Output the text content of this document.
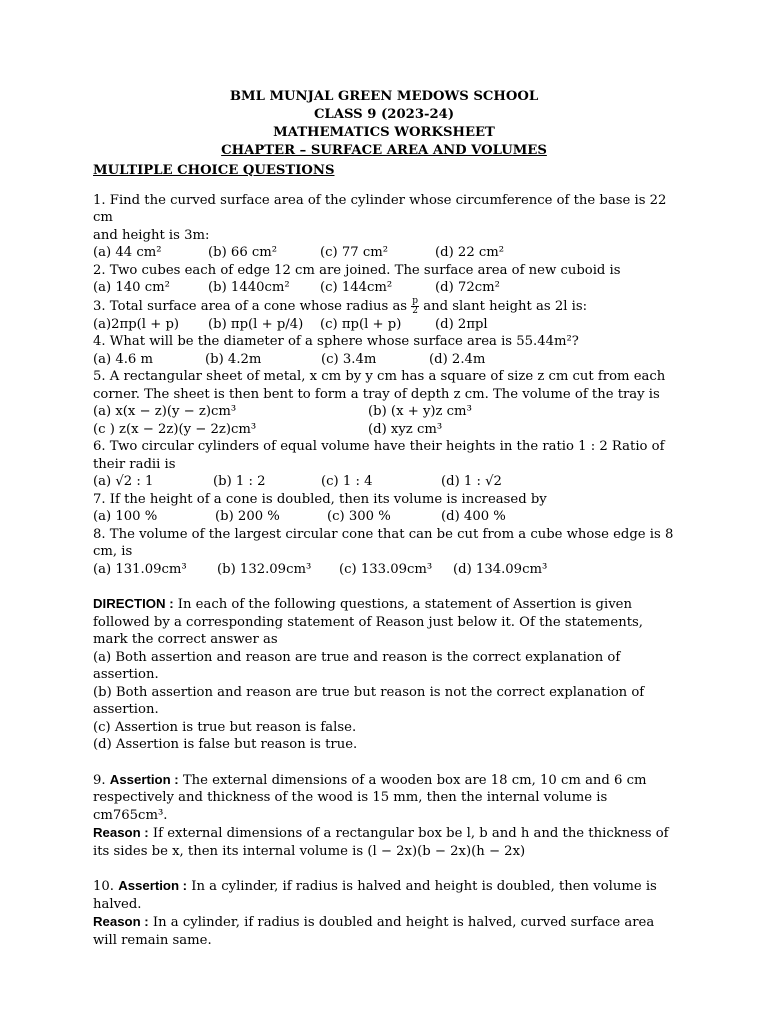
BML MUNJAL GREEN MEDOWS SCHOOL
CLASS 9 (2023-24)
MATHEMATICS WORKSHEET
CHAPTER – SURFACE AREA AND VOLUMES
MULTIPLE CHOICE QUESTIONS
1. Find the curved surface area of the cylinder whose circumference of the base is 22 cm
and height is 3m:
(a) 44 cm²	(b) 66 cm²	(c) 77 cm²	(d) 22 cm²
2. Two cubes each of edge 12 cm are joined. The surface area of new cuboid is
(a) 140 cm²	(b) 1440cm²	(c) 144cm²	(d) 72cm²
3. Total surface area of a cone whose radius as $\frac{p}{2}$ and slant height as 2l is:
(a)2πp(l + p)	(b) πp(l + p/4)	(c) πp(l + p)	(d) 2πpl
4. What will be the diameter of a sphere whose surface area is 55.44m²?
(a) 4.6 m	(b) 4.2m	(c) 3.4m	(d) 2.4m
5. A rectangular sheet of metal, x cm by y cm has a square of size z cm cut from each
corner. The sheet is then bent to form a tray of depth z cm. The volume of the tray is
(a) x(x − z)(y − z)cm³	(b) (x + y)z cm³
(c ) z(x − 2z)(y − 2z)cm³	(d) xyz cm³
6. Two circular cylinders of equal volume have their heights in the ratio 1 : 2 Ratio of
their radii is
(a) √2 : 1	(b) 1 : 2	(c) 1 : 4	(d) 1 : √2
7. If the height of a cone is doubled, then its volume is increased by
(a) 100 %	(b) 200 %	(c) 300 %	(d) 400 %
8. The volume of the largest circular cone that can be cut from a cube whose edge is 8
cm, is
(a) 131.09cm³	(b) 132.09cm³	(c) 133.09cm³	(d) 134.09cm³
DIRECTION : In each of the following questions, a statement of Assertion is given followed by a corresponding statement of Reason just below it. Of the statements, mark the correct answer as
(a) Both assertion and reason are true and reason is the correct explanation of assertion.
(b) Both assertion and reason are true but reason is not the correct explanation of assertion.
(c) Assertion is true but reason is false.
(d) Assertion is false but reason is true.
9. Assertion : The external dimensions of a wooden box are 18 cm, 10 cm and 6 cm respectively and thickness of the wood is 15 mm, then the internal volume is cm765cm³.
Reason : If external dimensions of a rectangular box be l, b and h and the thickness of its sides be x, then its internal volume is (l − 2x)(b − 2x)(h − 2x)
10. Assertion : In a cylinder, if radius is halved and height is doubled, then volume is halved.
Reason : In a cylinder, if radius is doubled and height is halved, curved surface area will remain same.
